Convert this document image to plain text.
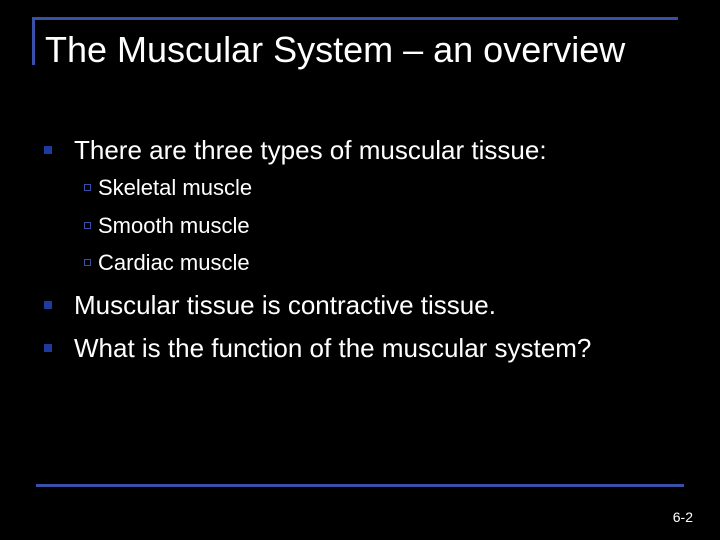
The Muscular System – an overview
There are three types of muscular tissue:
Skeletal muscle
Smooth muscle
Cardiac muscle
Muscular tissue is contractive tissue.
What is the function of the muscular system?
6-2
